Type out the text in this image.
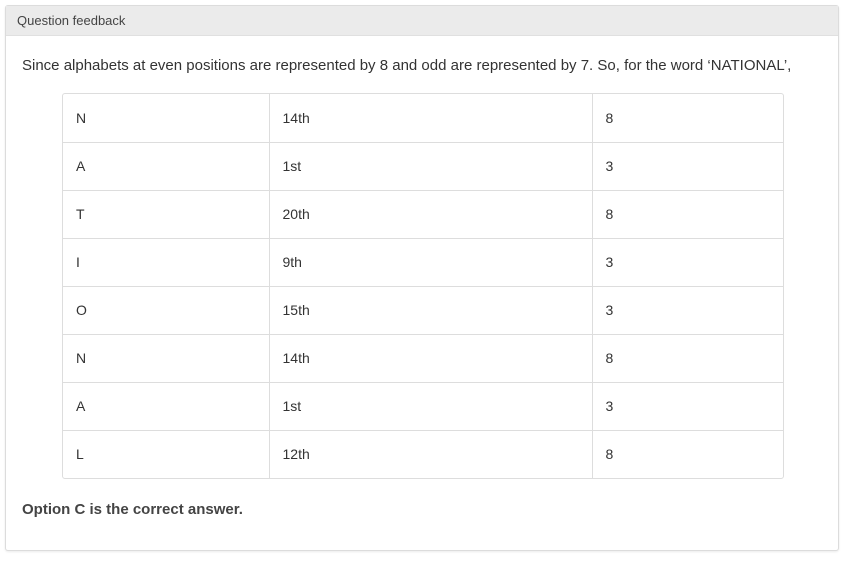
Question feedback
Since alphabets at even positions are represented by 8 and odd are represented by 7. So, for the word ‘NATIONAL’,
N	14th	8
A	1st	3
T	20th	8
I	9th	3
O	15th	3
N	14th	8
A	1st	3
L	12th	8
Option C is the correct answer.
